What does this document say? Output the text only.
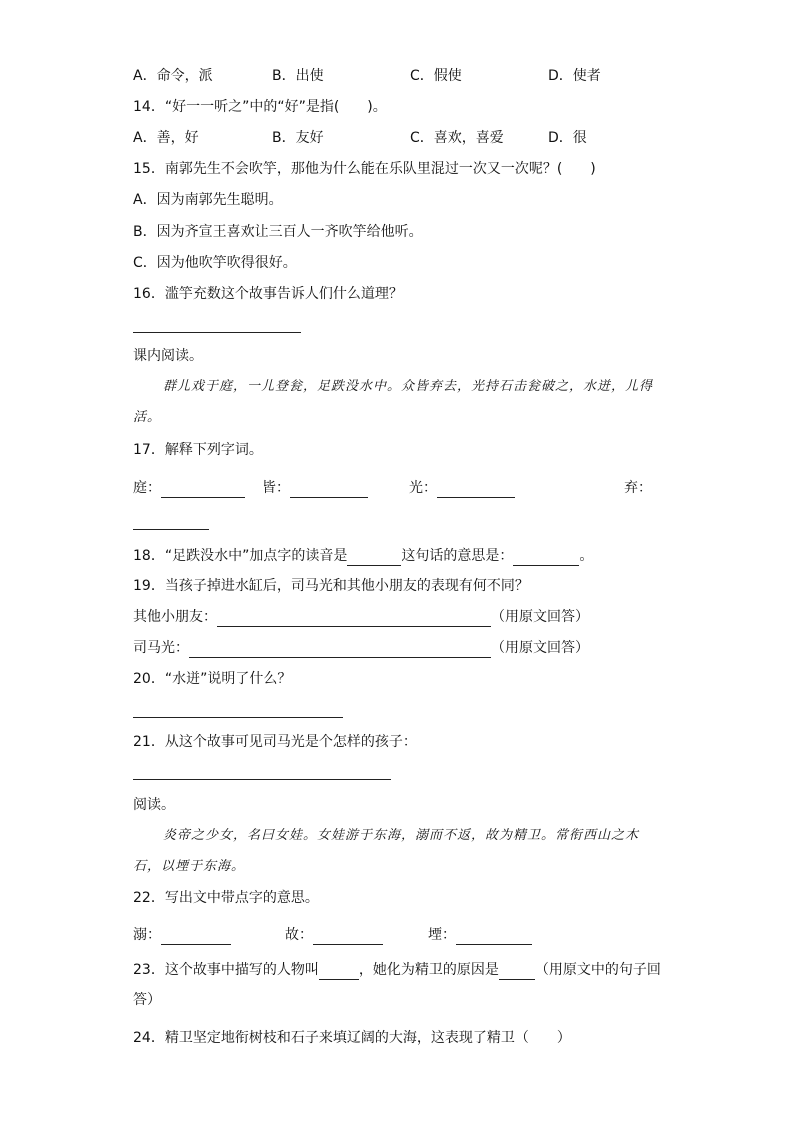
A．命令，派	B．出使	C．假使	D．使者
14．“好一一听之”中的“好”是指(　　)。
A．善，好	B．友好	C．喜欢，喜爱	D．很
15．南郭先生不会吹竽，那他为什么能在乐队里混过一次又一次呢？(　　)
A．因为南郭先生聪明。
B．因为齐宣王喜欢让三百人一齐吹竽给他听。
C．因为他吹竽吹得很好。
16．滥竽充数这个故事告诉人们什么道理？
课内阅读。
群儿戏于庭，一儿登瓮，足跌没水中。众皆弃去，光持石击瓮破之，水迸，儿得
活。
17．解释下列字词。
庭：	皆：	光：	弃：
18．“足跌没水中”加点字的读音是	这句话的意思是：	。
19．当孩子掉进水缸后，司马光和其他小朋友的表现有何不同？
其他小朋友：	（用原文回答）
司马光：	（用原文回答）
20．“水迸”说明了什么？
21．从这个故事可见司马光是个怎样的孩子：
阅读。
炎帝之少女，名曰女娃。女娃游于东海，溺而不返，故为精卫。常衔西山之木
石，以堙于东海。
22．写出文中带点字的意思。
溺：	故：	堙：
23．这个故事中描写的人物叫	，她化为精卫的原因是	（用原文中的句子回
答）
24．精卫坚定地衔树枝和石子来填辽阔的大海，这表现了精卫（　　）
